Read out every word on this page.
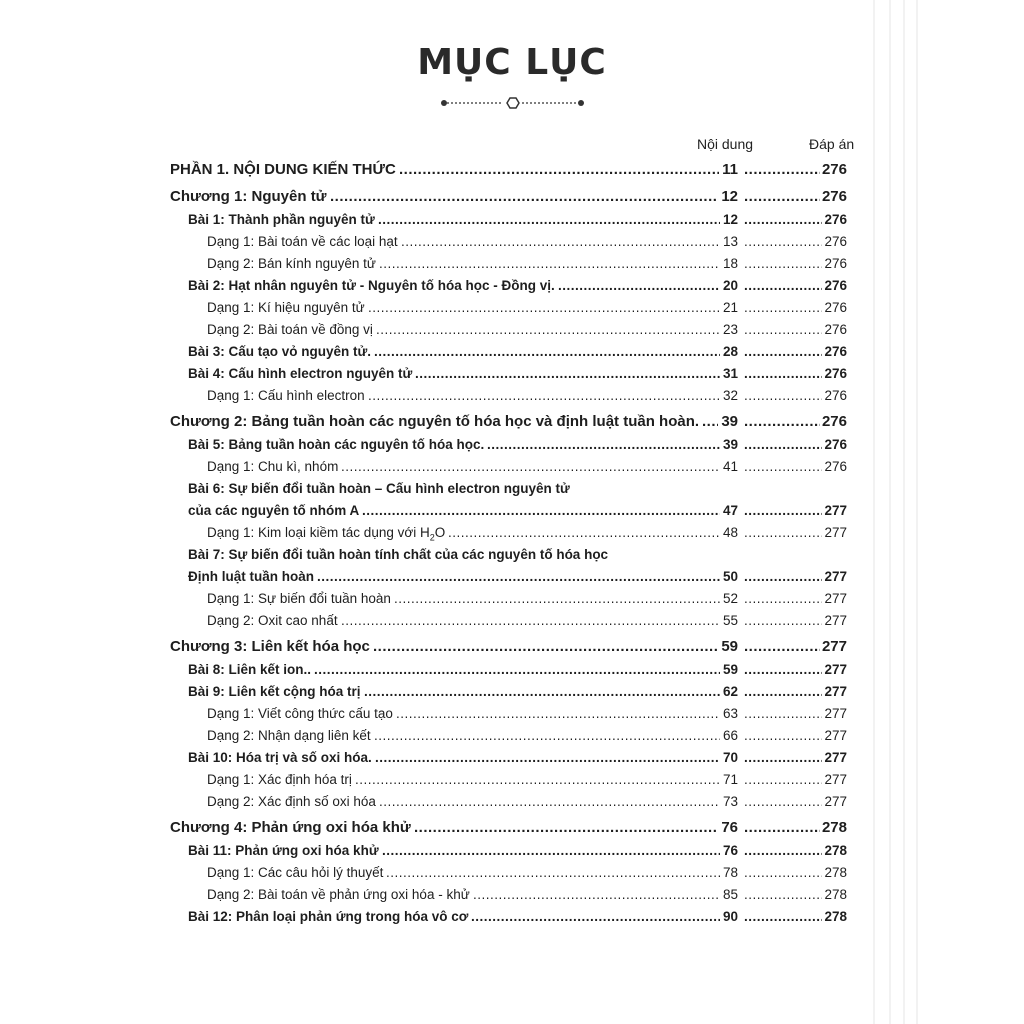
MỤC LỤC
Nội dung	Đáp án
PHẦN 1. NỘI DUNG KIẾN THỨC	11 .....	276
.....
Chương 1: Nguyên tử	12 .....	276
.....
Bài 1: Thành phần nguyên tử	12 .....	276
.....
Dạng 1: Bài toán về các loại hạt	13 .....	276
.....
Dạng 2: Bán kính nguyên tử	18 .....	276
.....
Bài 2: Hạt nhân nguyên tử - Nguyên tố hóa học - Đồng vị.	20 .....	276
.....
Dạng 1: Kí hiệu nguyên tử	21 .....	276
.....
Dạng 2: Bài toán về đồng vị	23 .....	276
.....
Bài 3: Cấu tạo vỏ nguyên tử.	28 .....	276
.....
Bài 4: Cấu hình electron nguyên tử	31 .....	276
.....
Dạng 1: Cấu hình electron	32 .....	276
.....
Chương 2: Bảng tuần hoàn các nguyên tố hóa học và định luật tuần hoàn. 39 .....	276
.....
Bài 5: Bảng tuần hoàn các nguyên tố hóa học.	39 .....	276
.....
Dạng 1: Chu kì, nhóm	41 .....	276
.....
Bài 6: Sự biến đổi tuần hoàn – Cấu hình electron nguyên tử
của các nguyên tố nhóm A	47 .....	277
.....
Dạng 1: Kim loại kiềm tác dụng với $H_2O$	48 .....	277
.....
Bài 7: Sự biến đổi tuần hoàn tính chất của các nguyên tố hóa học
Định luật tuần hoàn	50 .....	277
.....
Dạng 1: Sự biến đổi tuần hoàn	52 .....	277
.....
Dạng 2: Oxit cao nhất	55 .....	277
.....
Chương 3: Liên kết hóa học	59 .....	277
.....
Bài 8: Liên kết ion..	59 .....	277
.....
Bài 9: Liên kết cộng hóa trị	62 .....	277
.....
Dạng 1: Viết công thức cấu tạo	63 .....	277
.....
Dạng 2: Nhận dạng liên kết	66 .....	277
.....
Bài 10: Hóa trị và số oxi hóa.	70 .....	277
.....
Dạng 1: Xác định hóa trị	71 .....	277
.....
Dạng 2: Xác định số oxi hóa	73 .....	277
.....
Chương 4: Phản ứng oxi hóa khử	76 .....	278
.....
Bài 11: Phản ứng oxi hóa khử	76 .....	278
.....
Dạng 1: Các câu hỏi lý thuyết	78 .....	278
.....
Dạng 2: Bài toán về phản ứng oxi hóa - khử	85 .....	278
.....
Bài 12: Phân loại phản ứng trong hóa vô cơ	90 .....	278
.....
